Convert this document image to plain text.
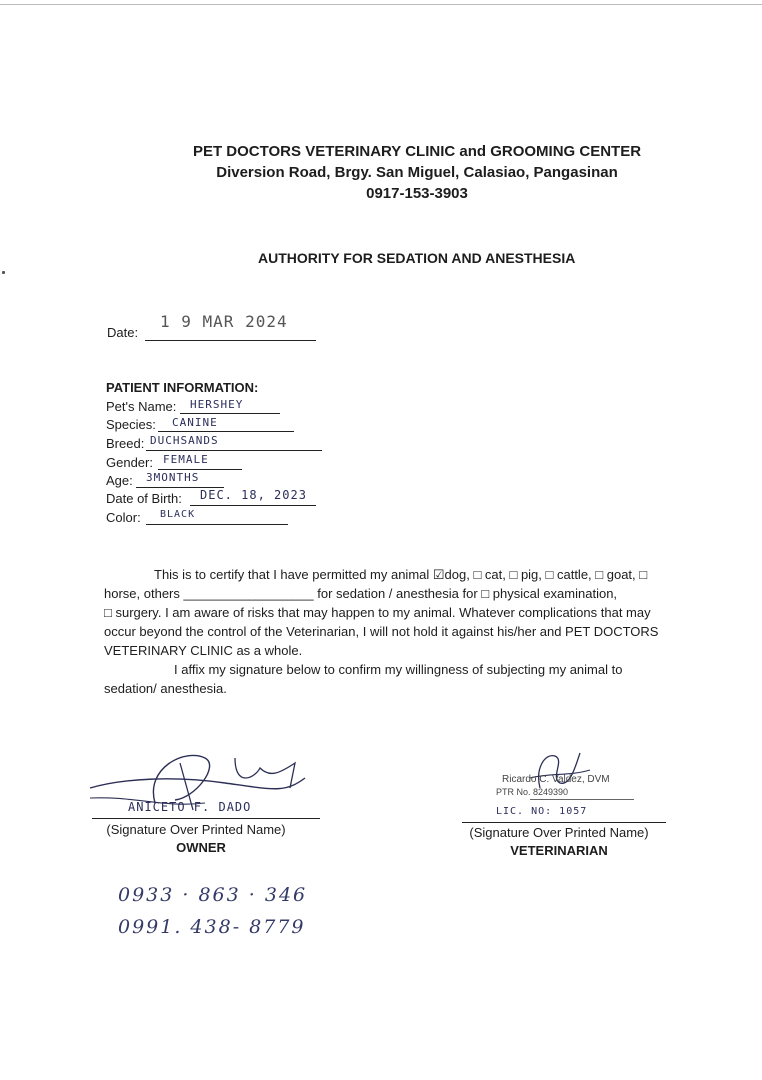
PET DOCTORS VETERINARY CLINIC and GROOMING CENTER
Diversion Road, Brgy. San Miguel, Calasiao, Pangasinan
0917-153-3903
AUTHORITY FOR SEDATION AND ANESTHESIA
Date:
1 9 MAR 2024
PATIENT INFORMATION:
Pet's Name: HERSHEY
Species: CANINE
Breed: DUCHSANDS
Gender: FEMALE
Age: 3MONTHS
Date of Birth: DEC. 18, 2023
Color: BLACK

This is to certify that I have permitted my animal ☑dog, □ cat, □ pig, □ cattle, □ goat, □

horse, others __________________ for sedation / anesthesia for □ physical examination,

□ surgery. I am aware of risks that may happen to my animal. Whatever complications that may

occur beyond the control of the Veterinarian, I will not hold it against his/her and PET DOCTORS

VETERINARY CLINIC as a whole.

I affix my signature below to confirm my willingness of subjecting my animal to

sedation/ anesthesia.

ANICETO F. DADO
(Signature Over Printed Name)
OWNER
0933 · 863 · 346
0991. 438- 8779
Ricardo C. Valdez, DVM
PTR No. 8249390
LIC. NO: 1057
(Signature Over Printed Name)
VETERINARIAN
